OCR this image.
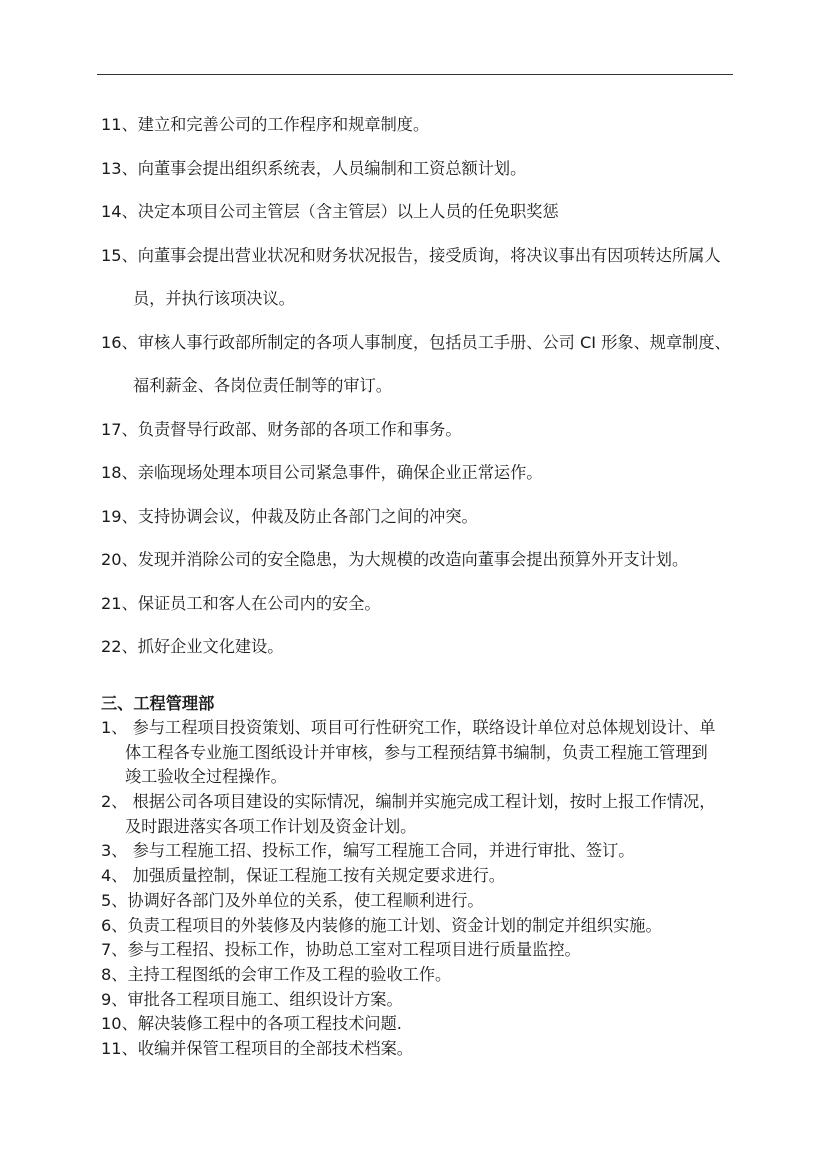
11、建立和完善公司的工作程序和规章制度。
13、向董事会提出组织系统表，人员编制和工资总额计划。
14、决定本项目公司主管层（含主管层）以上人员的任免职奖惩
15、向董事会提出营业状况和财务状况报告，接受质询，将决议事出有因项转达所属人
员，并执行该项决议。
16、审核人事行政部所制定的各项人事制度，包括员工手册、公司 CI 形象、规章制度、
福利薪金、各岗位责任制等的审订。
17、负责督导行政部、财务部的各项工作和事务。
18、亲临现场处理本项目公司紧急事件，确保企业正常运作。
19、支持协调会议，仲裁及防止各部门之间的冲突。
20、发现并消除公司的安全隐患，为大规模的改造向董事会提出预算外开支计划。
21、保证员工和客人在公司内的安全。
22、抓好企业文化建设。
三、工程管理部
1、 参与工程项目投资策划、项目可行性研究工作，联络设计单位对总体规划设计、单
体工程各专业施工图纸设计并审核，参与工程预结算书编制，负责工程施工管理到
竣工验收全过程操作。
2、 根据公司各项目建设的实际情况，编制并实施完成工程计划，按时上报工作情况，
及时跟进落实各项工作计划及资金计划。
3、 参与工程施工招、投标工作，编写工程施工合同，并进行审批、签订。
4、 加强质量控制，保证工程施工按有关规定要求进行。
5、协调好各部门及外单位的关系，使工程顺利进行。
6、负责工程项目的外装修及内装修的施工计划、资金计划的制定并组织实施。
7、参与工程招、投标工作，协助总工室对工程项目进行质量监控。
8、主持工程图纸的会审工作及工程的验收工作。
9、审批各工程项目施工、组织设计方案。
10、解决装修工程中的各项工程技术问题.
11、收编并保管工程项目的全部技术档案。
